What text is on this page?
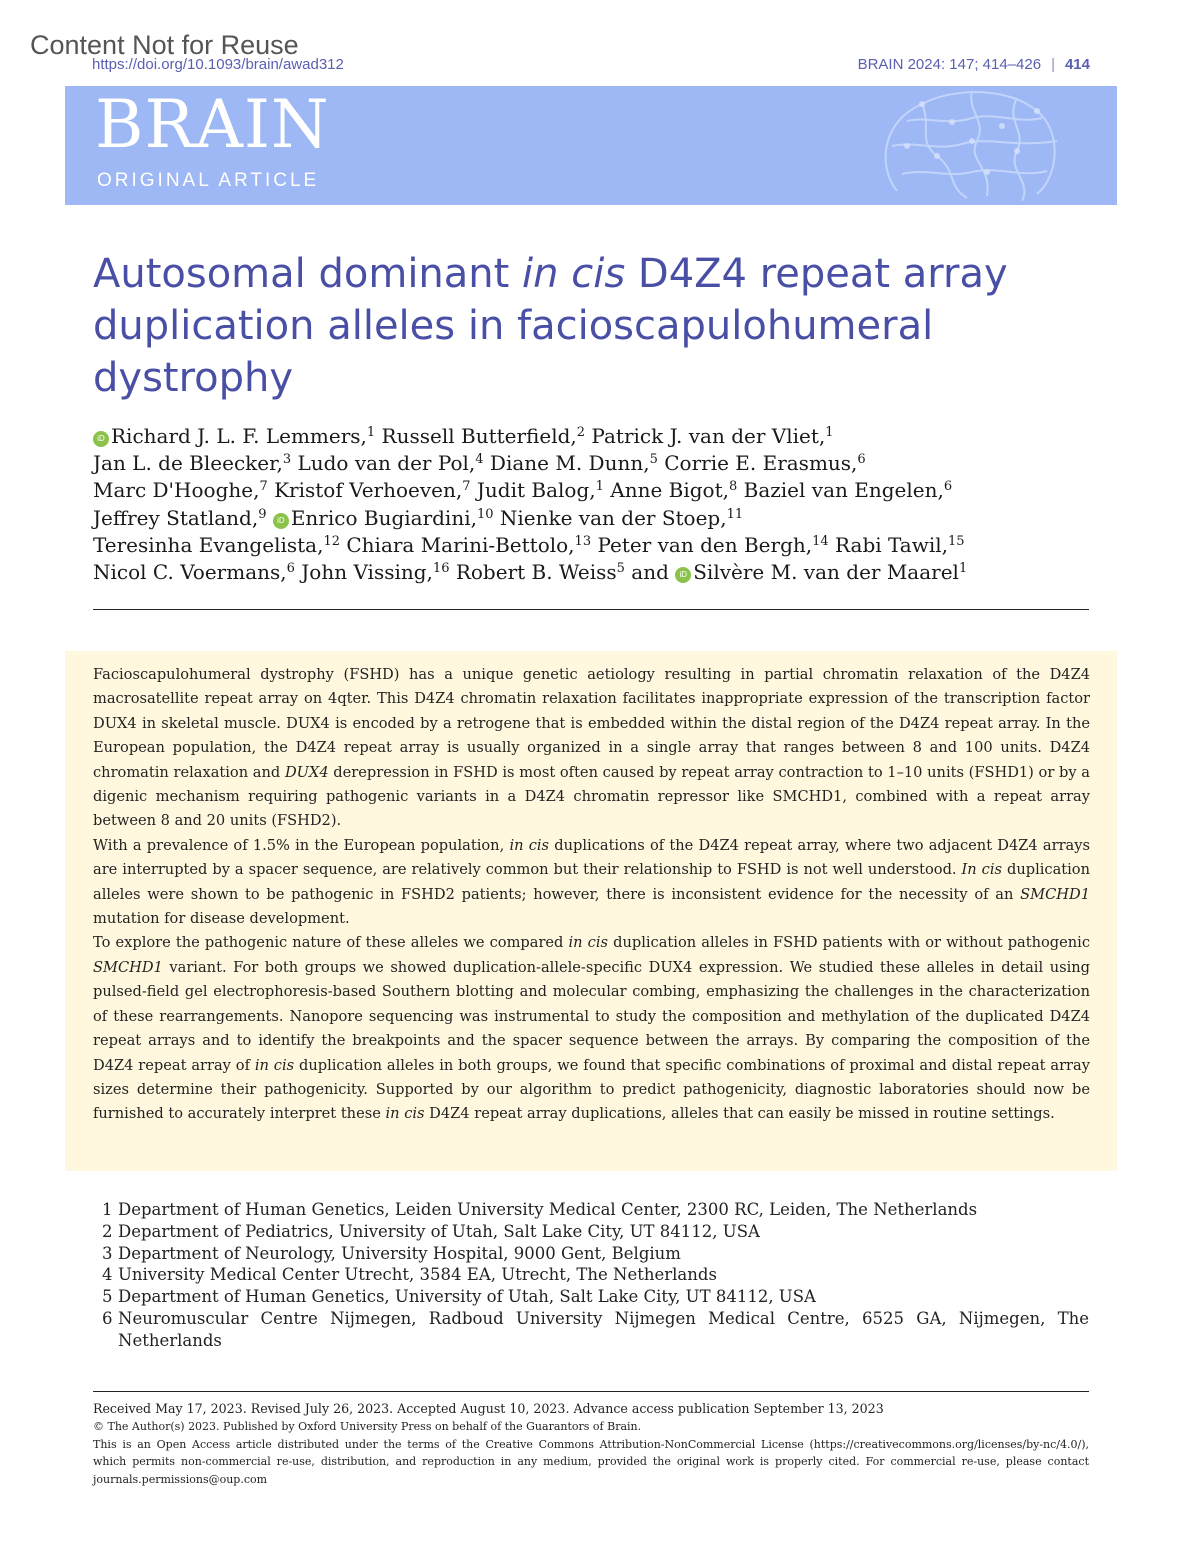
Content Not for Reuse
https://doi.org/10.1093/brain/awad312	BRAIN 2024: 147; 414–426 | 414
BRAIN
ORIGINAL ARTICLE
Autosomal dominant in cis D4Z4 repeat array duplication alleles in facioscapulohumeral dystrophy
iD Richard J. L. F. Lemmers,$^1$ Russell Butterfield,$^2$ Patrick J. van der Vliet,$^1$
Jan L. de Bleecker,$^3$ Ludo van der Pol,$^4$ Diane M. Dunn,$^5$ Corrie E. Erasmus,$^6$
Marc D'Hooghe,$^7$ Kristof Verhoeven,$^7$ Judit Balog,$^1$ Anne Bigot,$^8$ Baziel van Engelen,$^6$
Jeffrey Statland,$^9$ iD Enrico Bugiardini,$^{10}$ Nienke van der Stoep,$^{11}$
Teresinha Evangelista,$^{12}$ Chiara Marini-Bettolo,$^{13}$ Peter van den Bergh,$^{14}$ Rabi Tawil,$^{15}$
Nicol C. Voermans,$^6$ John Vissing,$^{16}$ Robert B. Weiss$^5$ and iD Silvère M. van der Maarel$^1$

Facioscapulohumeral dystrophy (FSHD) has a unique genetic aetiology resulting in partial chromatin relaxation of the D4Z4 macrosatellite repeat array on 4qter. This D4Z4 chromatin relaxation facilitates inappropriate expression of the transcription factor DUX4 in skeletal muscle. DUX4 is encoded by a retrogene that is embedded within the distal region of the D4Z4 repeat array. In the European population, the D4Z4 repeat array is usually organized in a single array that ranges between 8 and 100 units. D4Z4 chromatin relaxation and DUX4 derepression in FSHD is most often caused by repeat array contraction to 1–10 units (FSHD1) or by a digenic mechanism requiring pathogenic variants in a D4Z4 chromatin repressor like SMCHD1, combined with a repeat array between 8 and 20 units (FSHD2).

With a prevalence of 1.5% in the European population, in cis duplications of the D4Z4 repeat array, where two adjacent D4Z4 arrays are interrupted by a spacer sequence, are relatively common but their relationship to FSHD is not well understood. In cis duplication alleles were shown to be pathogenic in FSHD2 patients; however, there is inconsistent evidence for the necessity of an SMCHD1 mutation for disease development.

To explore the pathogenic nature of these alleles we compared in cis duplication alleles in FSHD patients with or without pathogenic SMCHD1 variant. For both groups we showed duplication-allele-specific DUX4 expression. We studied these alleles in detail using pulsed-field gel electrophoresis-based Southern blotting and molecular combing, emphasizing the challenges in the characterization of these rearrangements. Nanopore sequencing was instrumental to study the composition and methylation of the duplicated D4Z4 repeat arrays and to identify the breakpoints and the spacer sequence between the arrays. By comparing the composition of the D4Z4 repeat array of in cis duplication alleles in both groups, we found that specific combinations of proximal and distal repeat array sizes determine their pathogenicity. Supported by our algorithm to predict pathogenicity, diagnostic laboratories should now be furnished to accurately interpret these in cis D4Z4 repeat array duplications, alleles that can easily be missed in routine settings.

1 Department of Human Genetics, Leiden University Medical Center, 2300 RC, Leiden, The Netherlands
2 Department of Pediatrics, University of Utah, Salt Lake City, UT 84112, USA
3 Department of Neurology, University Hospital, 9000 Gent, Belgium
4 University Medical Center Utrecht, 3584 EA, Utrecht, The Netherlands
5 Department of Human Genetics, University of Utah, Salt Lake City, UT 84112, USA
6 Neuromuscular Centre Nijmegen, Radboud University Nijmegen Medical Centre, 6525 GA, Nijmegen, The Netherlands
Received May 17, 2023. Revised July 26, 2023. Accepted August 10, 2023. Advance access publication September 13, 2023
© The Author(s) 2023. Published by Oxford University Press on behalf of the Guarantors of Brain.
This is an Open Access article distributed under the terms of the Creative Commons Attribution-NonCommercial License (https://creativecommons.org/licenses/by-nc/4.0/), which permits non-commercial re-use, distribution, and reproduction in any medium, provided the original work is properly cited. For commercial re-use, please contact journals.permissions@oup.com
